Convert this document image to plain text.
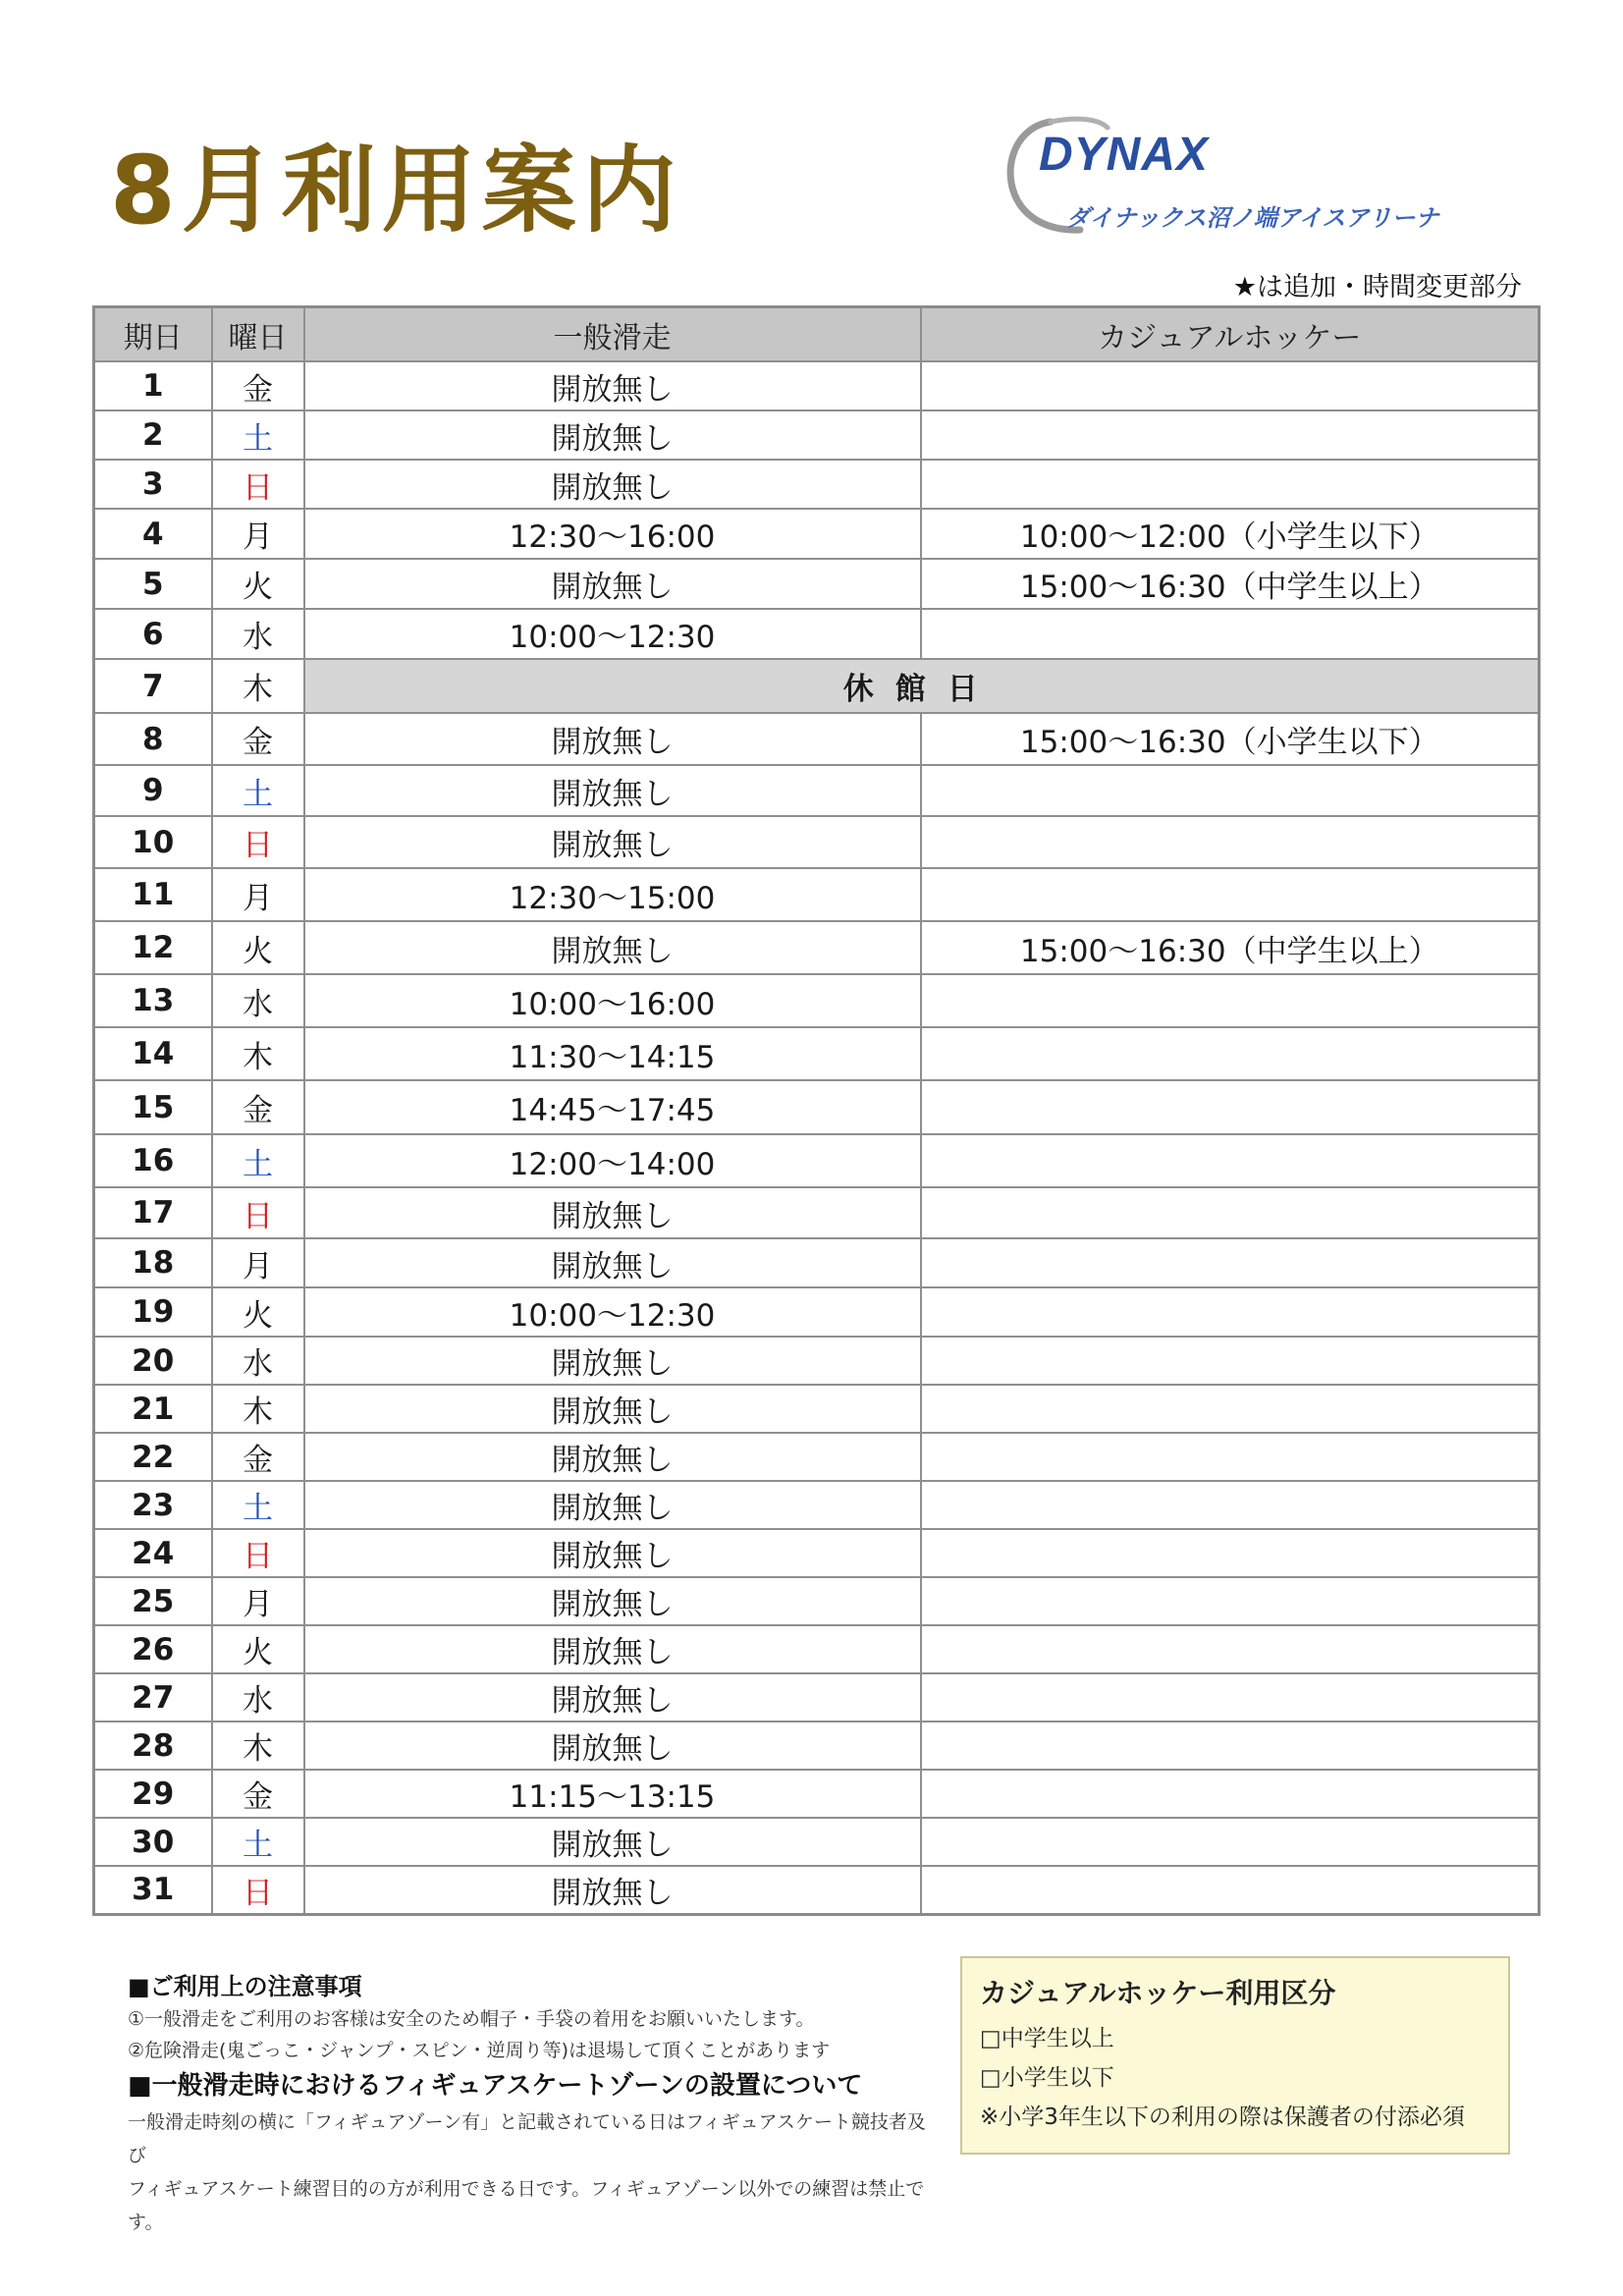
8月利用案内	DYNAX
ダイナックス沼ノ端アイスアリーナ
★は追加・時間変更部分
期日	曜日	一般滑走	カジュアルホッケー
1	金	開放無し	
2	土	開放無し	
3	日	開放無し	
4	月	12:30～16:00	10:00～12:00（小学生以下）
5	火	開放無し	15:00～16:30（中学生以上）
6	水	10:00～12:30	
7	木	休館日	
8	金	開放無し	15:00～16:30（小学生以下）
9	土	開放無し	
10	日	開放無し	
11	月	12:30～15:00	
12	火	開放無し	15:00～16:30（中学生以上）
13	水	10:00～16:00	
14	木	11:30～14:15	
15	金	14:45～17:45	
16	土	12:00～14:00	
17	日	開放無し	
18	月	開放無し	
19	火	10:00～12:30	
20	水	開放無し	
21	木	開放無し	
22	金	開放無し	
23	土	開放無し	
24	日	開放無し	
25	月	開放無し	
26	火	開放無し	
27	水	開放無し	
28	木	開放無し	
29	金	11:15～13:15	
30	土	開放無し	
31	日	開放無し	
■ご利用上の注意事項

①一般滑走をご利用のお客様は安全のため帽子・手袋の着用をお願いいたします。

②危険滑走(鬼ごっこ・ジャンプ・スピン・逆周り等)は退場して頂くことがあります

■一般滑走時におけるフィギュアスケートゾーンの設置について

一般滑走時刻の横に「フィギュアゾーン有」と記載されている日はフィギュアスケート競技者及び

フィギュアスケート練習目的の方が利用できる日です。フィギュアゾーン以外での練習は禁止です。

カジュアルホッケー利用区分

□中学生以上

□小学生以下

※小学3年生以下の利用の際は保護者の付添必須
